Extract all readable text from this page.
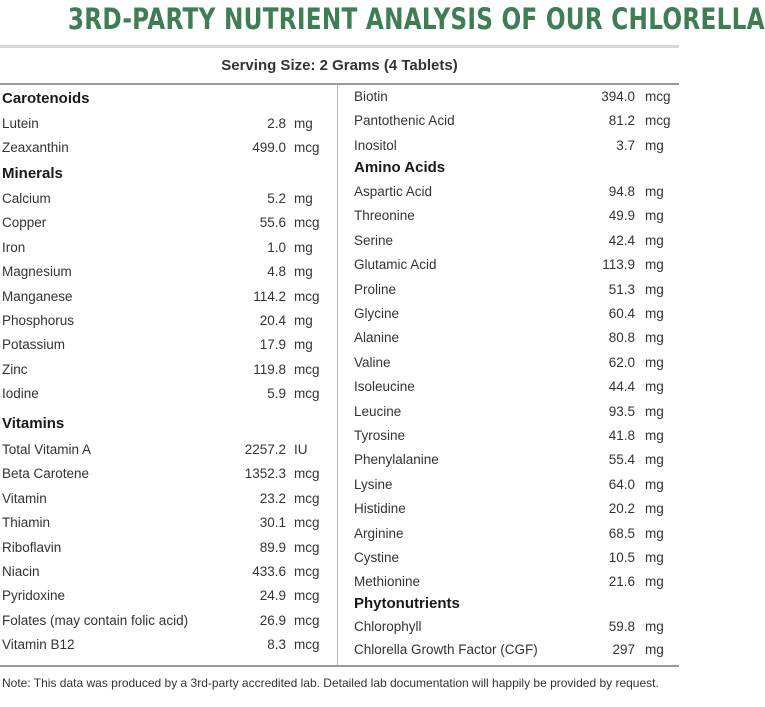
3RD-PARTY NUTRIENT ANALYSIS OF OUR CHLORELLA
Serving Size: 2 Grams (4 Tablets)
Carotenoids
Lutein	2.8 mg
Zeaxanthin	499.0 mcg
Minerals
Calcium	5.2 mg
Copper	55.6 mcg
Iron	1.0 mg
Magnesium	4.8 mg
Manganese	114.2 mcg
Phosphorus	20.4 mg
Potassium	17.9 mg
Zinc	119.8 mcg
Iodine	5.9 mcg
Vitamins
Total Vitamin A	2257.2 IU
Beta Carotene	1352.3 mcg
Vitamin	23.2 mcg
Thiamin	30.1 mcg
Riboflavin	89.9 mcg
Niacin	433.6 mcg
Pyridoxine	24.9 mcg
Folates (may contain folic acid)	26.9 mcg
Vitamin B12	8.3 mcg
Biotin	394.0 mcg
Pantothenic Acid	81.2 mcg
Inositol	3.7 mg
Amino Acids
Aspartic Acid	94.8 mg
Threonine	49.9 mg
Serine	42.4 mg
Glutamic Acid	113.9 mg
Proline	51.3 mg
Glycine	60.4 mg
Alanine	80.8 mg
Valine	62.0 mg
Isoleucine	44.4 mg
Leucine	93.5 mg
Tyrosine	41.8 mg
Phenylalanine	55.4 mg
Lysine	64.0 mg
Histidine	20.2 mg
Arginine	68.5 mg
Cystine	10.5 mg
Methionine	21.6 mg
Phytonutrients
Chlorophyll	59.8 mg
Chlorella Growth Factor (CGF)	297 mg
Note: This data was produced by a 3rd-party accredited lab. Detailed lab documentation will happily be provided by request.
